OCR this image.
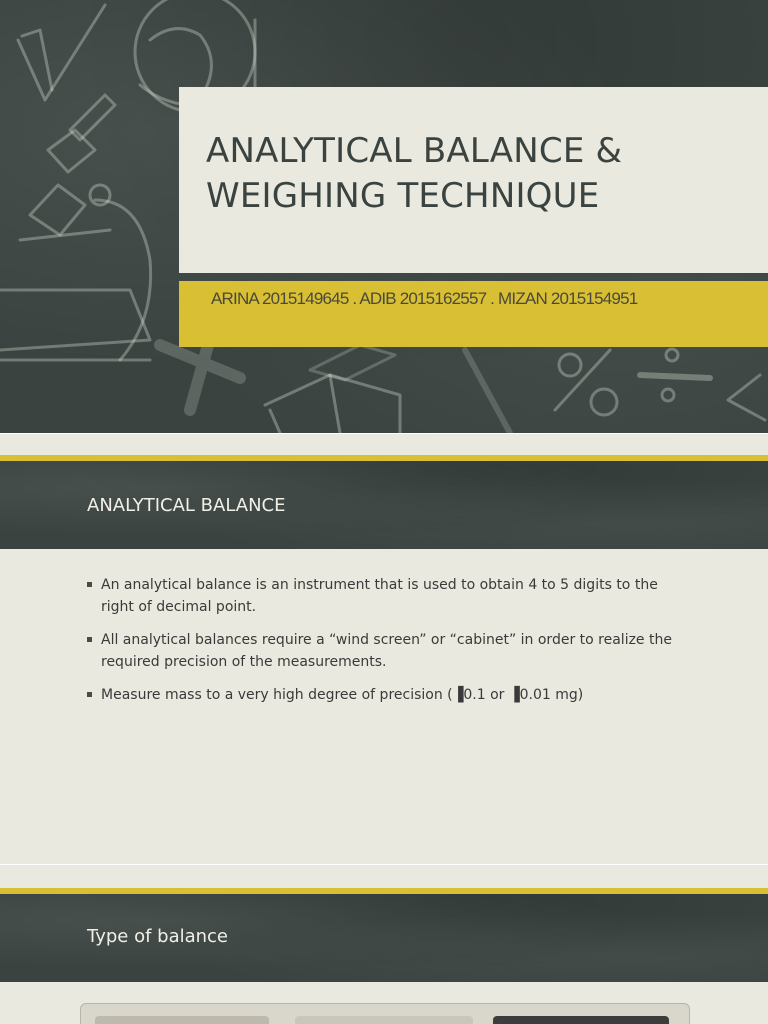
ANALYTICAL BALANCE &
WEIGHING TECHNIQUE
ARINA 2015149645 . ADIB 2015162557 . MIZAN 2015154951
ANALYTICAL BALANCE
An analytical balance is an instrument that is used to obtain 4 to 5 digits to the right of decimal point.
All analytical balances require a “wind screen” or “cabinet” in order to realize the required precision of the measurements.
Measure mass to a very high degree of precision (▐0.1 or ▐0.01 mg)
Type of balance
